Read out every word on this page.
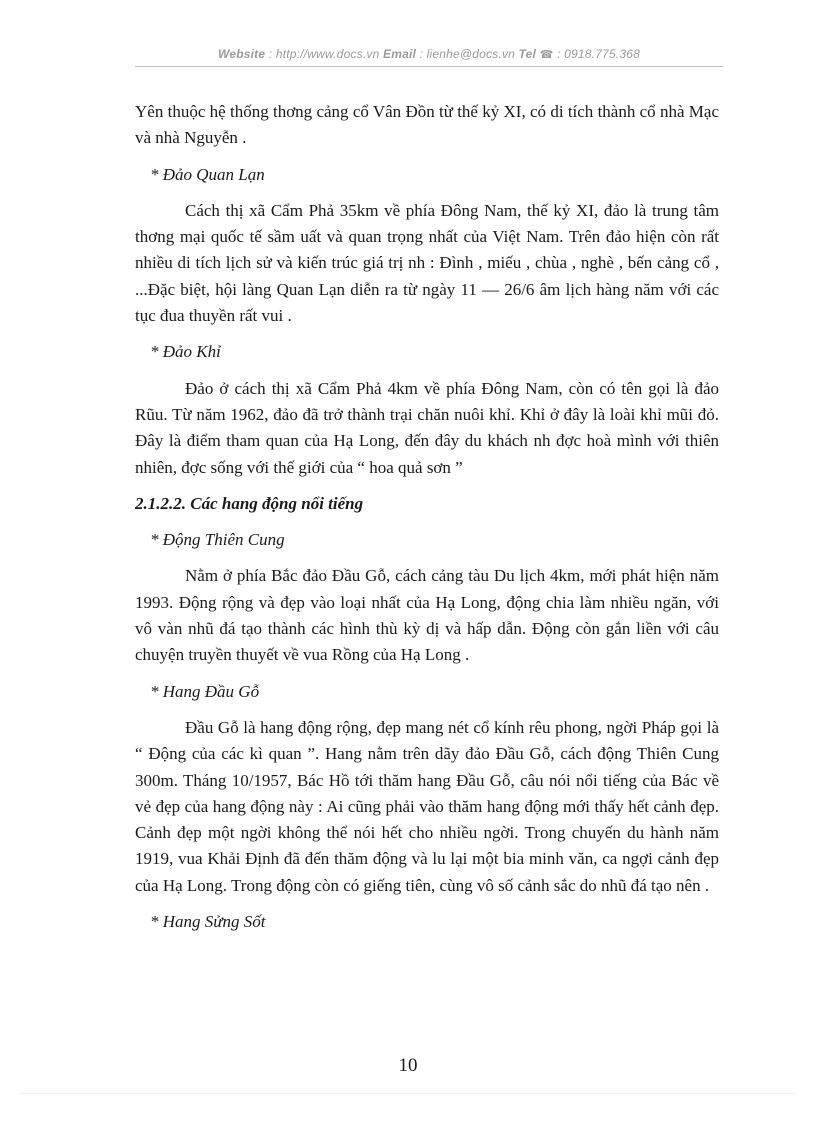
Website : http://www.docs.vn Email : lienhe@docs.vn Tel ☎ : 0918.775.368

Yên thuộc hệ thống thơng cảng cổ Vân Đồn từ thế kỷ XI, có di tích thành cổ nhà Mạc và nhà Nguyễn .

* Đảo Quan Lạn

Cách thị xã Cẩm Phả 35km về phía Đông Nam, thế kỷ XI, đảo là trung tâm thơng mại quốc tế sầm uất và quan trọng nhất của Việt Nam. Trên đảo hiện còn rất nhiều di tích lịch sử và kiến trúc giá trị nh : Đình , miếu , chùa , nghè , bến cảng cổ , ...Đặc biệt, hội làng Quan Lạn diễn ra từ ngày 11 — 26/6 âm lịch hàng năm với các tục đua thuyền rất vui .

* Đảo Khỉ

Đảo ở cách thị xã Cẩm Phả 4km về phía Đông Nam, còn có tên gọi là đảo Rũu. Từ năm 1962, đảo đã trở thành trại chăn nuôi khỉ. Khỉ ở đây là loài khỉ mũi đỏ. Đây là điểm tham quan của Hạ Long, đến đây du khách nh đợc hoà mình với thiên nhiên, đợc sống với thế giới của “ hoa quả sơn ”

2.1.2.2. Các hang động nổi tiếng

* Động Thiên Cung

Nằm ở phía Bắc đảo Đầu Gỗ, cách cảng tàu Du lịch 4km, mới phát hiện năm 1993. Động rộng và đẹp vào loại nhất của Hạ Long, động chia làm nhiều ngăn, với vô vàn nhũ đá tạo thành các hình thù kỳ dị và hấp dẫn. Động còn gắn liền với câu chuyện truyền thuyết về vua Rồng của Hạ Long .

* Hang Đầu Gỗ

Đầu Gỗ là hang động rộng, đẹp mang nét cổ kính rêu phong, ngời Pháp gọi là “ Động của các kì quan ”. Hang nằm trên dãy đảo Đầu Gỗ, cách động Thiên Cung 300m. Tháng 10/1957, Bác Hồ tới thăm hang Đầu Gỗ, câu nói nổi tiếng của Bác về vẻ đẹp của hang động này : Ai cũng phải vào thăm hang động mới thấy hết cảnh đẹp. Cảnh đẹp một ngời không thể nói hết cho nhiều ngời. Trong chuyến du hành năm 1919, vua Khải Định đã đến thăm động và lu lại một bia minh văn, ca ngợi cảnh đẹp của Hạ Long. Trong động còn có giếng tiên, cùng vô số cảnh sắc do nhũ đá tạo nên .

* Hang Sửng Sốt

10
